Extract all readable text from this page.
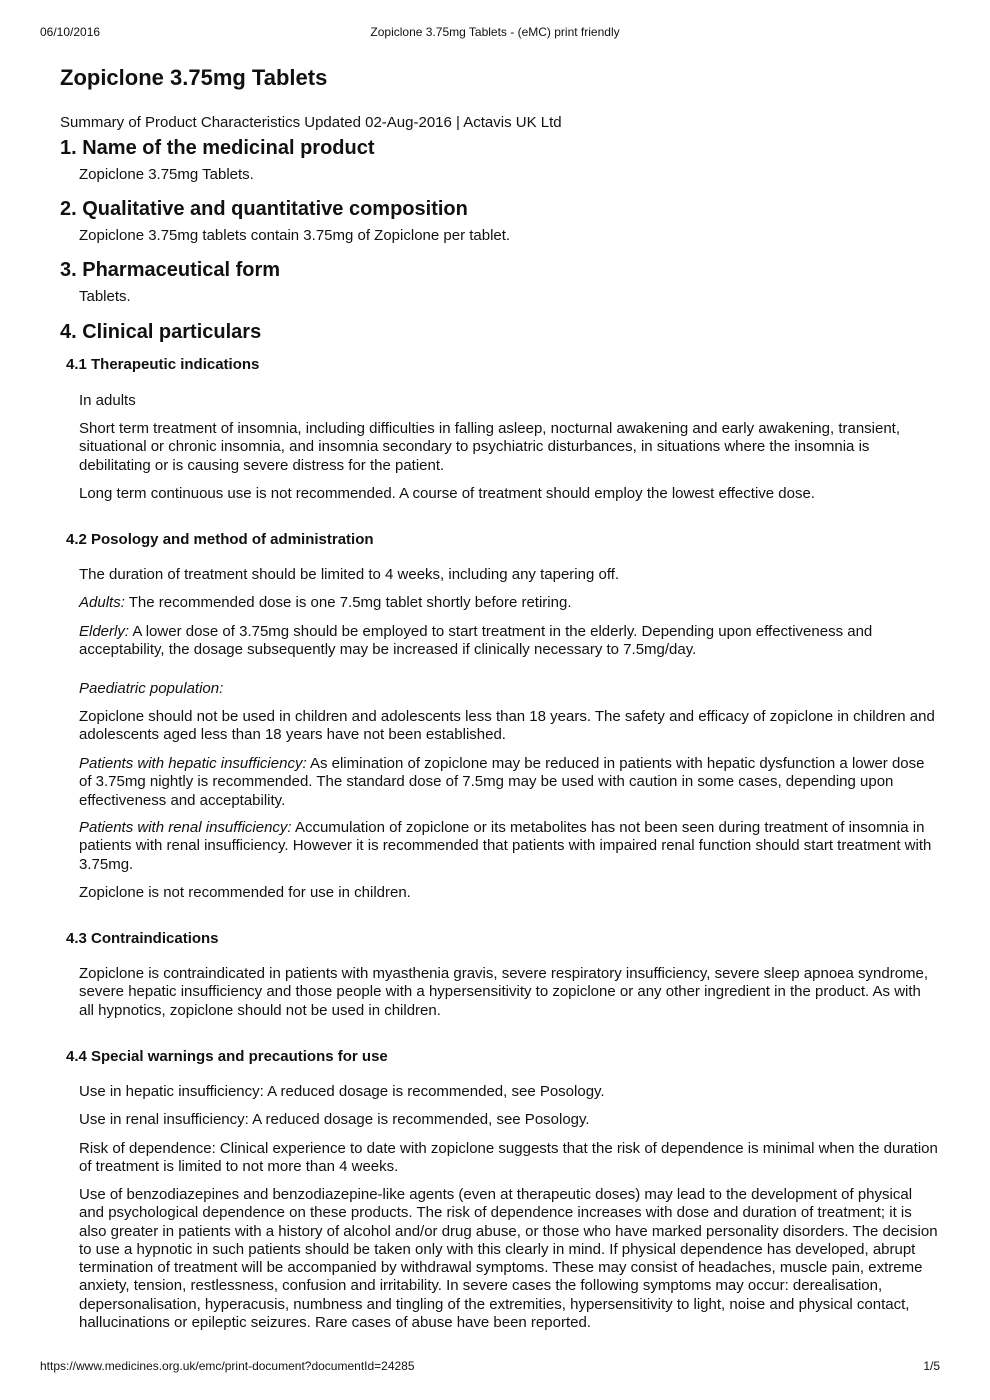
06/10/2016	Zopiclone 3.75mg Tablets - (eMC) print friendly
Zopiclone 3.75mg Tablets

Summary of Product Characteristics Updated 02-Aug-2016 | Actavis UK Ltd

1. Name of the medicinal product

Zopiclone 3.75mg Tablets.

2. Qualitative and quantitative composition

Zopiclone 3.75mg tablets contain 3.75mg of Zopiclone per tablet.

3. Pharmaceutical form

Tablets.

4. Clinical particulars
4.1 Therapeutic indications

In adults

Short term treatment of insomnia, including difficulties in falling asleep, nocturnal awakening and early awakening, transient, situational or chronic insomnia, and insomnia secondary to psychiatric disturbances, in situations where the insomnia is debilitating or is causing severe distress for the patient.

Long term continuous use is not recommended. A course of treatment should employ the lowest effective dose.

4.2 Posology and method of administration

The duration of treatment should be limited to 4 weeks, including any tapering off.

Adults: The recommended dose is one 7.5mg tablet shortly before retiring.

Elderly: A lower dose of 3.75mg should be employed to start treatment in the elderly. Depending upon effectiveness and acceptability, the dosage subsequently may be increased if clinically necessary to 7.5mg/day.

Paediatric population:

Zopiclone should not be used in children and adolescents less than 18 years. The safety and efficacy of zopiclone in children and adolescents aged less than 18 years have not been established.

Patients with hepatic insufficiency: As elimination of zopiclone may be reduced in patients with hepatic dysfunction a lower dose of 3.75mg nightly is recommended. The standard dose of 7.5mg may be used with caution in some cases, depending upon effectiveness and acceptability.

Patients with renal insufficiency: Accumulation of zopiclone or its metabolites has not been seen during treatment of insomnia in patients with renal insufficiency. However it is recommended that patients with impaired renal function should start treatment with 3.75mg.

Zopiclone is not recommended for use in children.

4.3 Contraindications

Zopiclone is contraindicated in patients with myasthenia gravis, severe respiratory insufficiency, severe sleep apnoea syndrome, severe hepatic insufficiency and those people with a hypersensitivity to zopiclone or any other ingredient in the product. As with all hypnotics, zopiclone should not be used in children.

4.4 Special warnings and precautions for use

Use in hepatic insufficiency: A reduced dosage is recommended, see Posology.

Use in renal insufficiency: A reduced dosage is recommended, see Posology.

Risk of dependence: Clinical experience to date with zopiclone suggests that the risk of dependence is minimal when the duration of treatment is limited to not more than 4 weeks.

Use of benzodiazepines and benzodiazepine-like agents (even at therapeutic doses) may lead to the development of physical and psychological dependence on these products. The risk of dependence increases with dose and duration of treatment; it is also greater in patients with a history of alcohol and/or drug abuse, or those who have marked personality disorders. The decision to use a hypnotic in such patients should be taken only with this clearly in mind. If physical dependence has developed, abrupt termination of treatment will be accompanied by withdrawal symptoms. These may consist of headaches, muscle pain, extreme anxiety, tension, restlessness, confusion and irritability. In severe cases the following symptoms may occur: derealisation, depersonalisation, hyperacusis, numbness and tingling of the extremities, hypersensitivity to light, noise and physical contact, hallucinations or epileptic seizures. Rare cases of abuse have been reported.

https://www.medicines.org.uk/emc/print-document?documentId=24285	1/5
